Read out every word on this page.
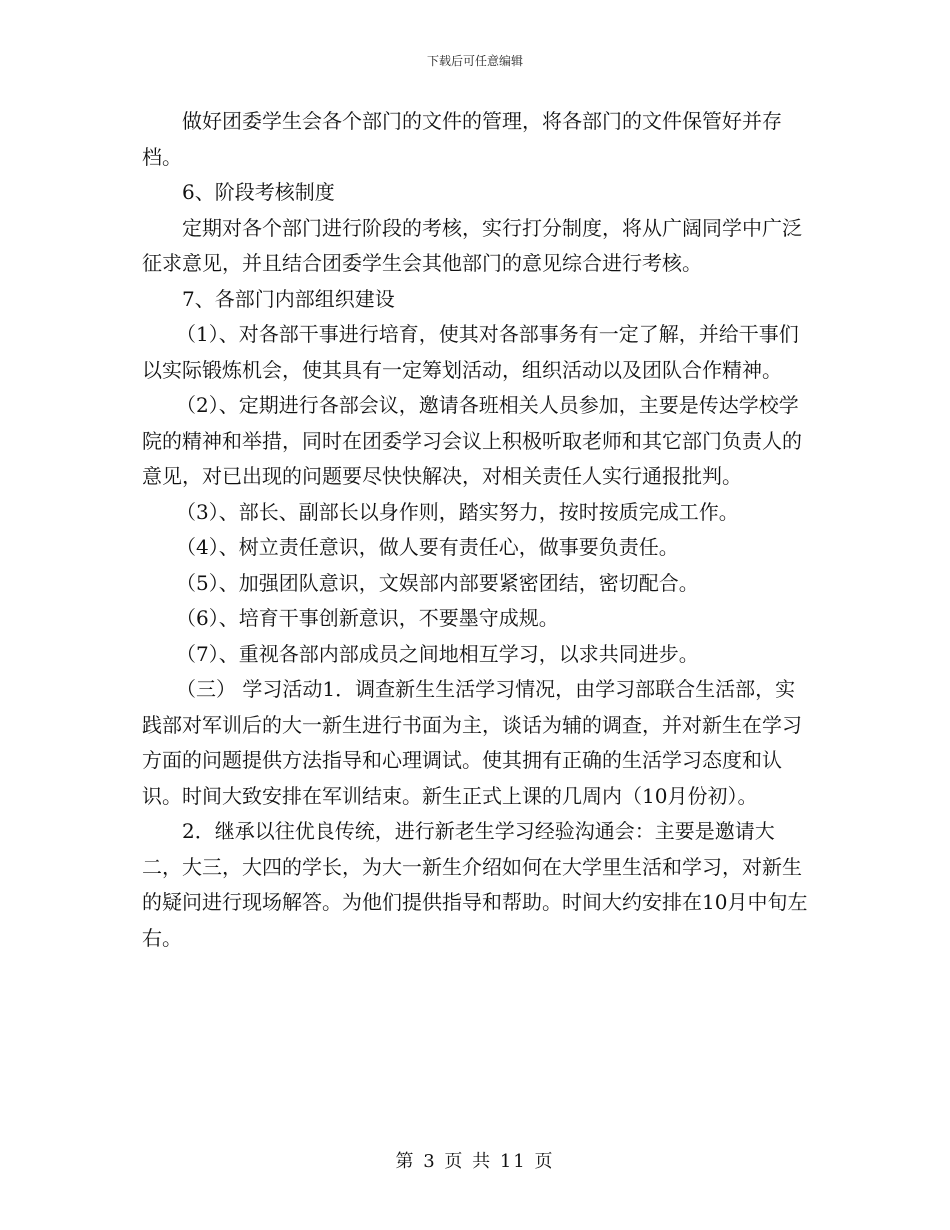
下载后可任意编辑

做好团委学生会各个部门的文件的管理，将各部门的文件保管好并存档。

6、阶段考核制度

定期对各个部门进行阶段的考核，实行打分制度，将从广阔同学中广泛征求意见，并且结合团委学生会其他部门的意见综合进行考核。

7、各部门内部组织建设

（1）、对各部干事进行培育，使其对各部事务有一定了解，并给干事们以实际锻炼机会，使其具有一定筹划活动，组织活动以及团队合作精神。

（2）、定期进行各部会议，邀请各班相关人员参加，主要是传达学校学院的精神和举措，同时在团委学习会议上积极听取老师和其它部门负责人的意见，对已出现的问题要尽快快解决，对相关责任人实行通报批判。

（3）、部长、副部长以身作则，踏实努力，按时按质完成工作。

（4）、树立责任意识，做人要有责任心，做事要负责任。

（5）、加强团队意识，文娱部内部要紧密团结，密切配合。

（6）、培育干事创新意识，不要墨守成规。

（7）、重视各部内部成员之间地相互学习，以求共同进步。

（三） 学习活动1．调查新生生活学习情况，由学习部联合生活部，实践部对军训后的大一新生进行书面为主，谈话为辅的调查，并对新生在学习方面的问题提供方法指导和心理调试。使其拥有正确的生活学习态度和认识。时间大致安排在军训结束。新生正式上课的几周内（10月份初）。

2．继承以往优良传统，进行新老生学习经验沟通会：主要是邀请大二，大三，大四的学长，为大一新生介绍如何在大学里生活和学习，对新生的疑问进行现场解答。为他们提供指导和帮助。时间大约安排在10月中旬左右。

第 3 页 共 11 页
